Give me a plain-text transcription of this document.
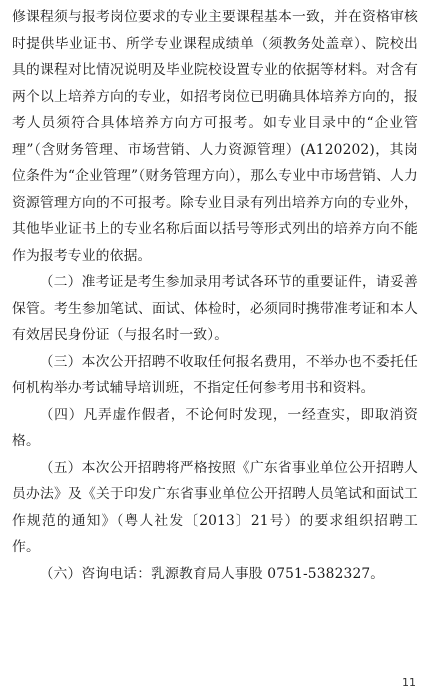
修课程须与报考岗位要求的专业主要课程基本一致，并在资格审核时提供毕业证书、所学专业课程成绩单（须教务处盖章）、院校出具的课程对比情况说明及毕业院校设置专业的依据等材料。对含有两个以上培养方向的专业，如招考岗位已明确具体培养方向的，报考人员须符合具体培养方向方可报考。如专业目录中的“企业管理”（含财务管理、市场营销、人力资源管理）(A120202)，其岗位条件为“企业管理”（财务管理方向），那么专业中市场营销、人力资源管理方向的不可报考。除专业目录有列出培养方向的专业外，其他毕业证书上的专业名称后面以括号等形式列出的培养方向不能作为报考专业的依据。

（二）准考证是考生参加录用考试各环节的重要证件，请妥善保管。考生参加笔试、面试、体检时，必须同时携带准考证和本人有效居民身份证（与报名时一致）。

（三）本次公开招聘不收取任何报名费用，不举办也不委托任何机构举办考试辅导培训班，不指定任何参考用书和资料。

（四）凡弄虚作假者，不论何时发现，一经查实，即取消资格。

（五）本次公开招聘将严格按照《广东省事业单位公开招聘人员办法》及《关于印发广东省事业单位公开招聘人员笔试和面试工作规范的通知》（粤人社发〔2013〕21号）的要求组织招聘工作。

（六）咨询电话：乳源教育局人事股 0751-5382327。

11
